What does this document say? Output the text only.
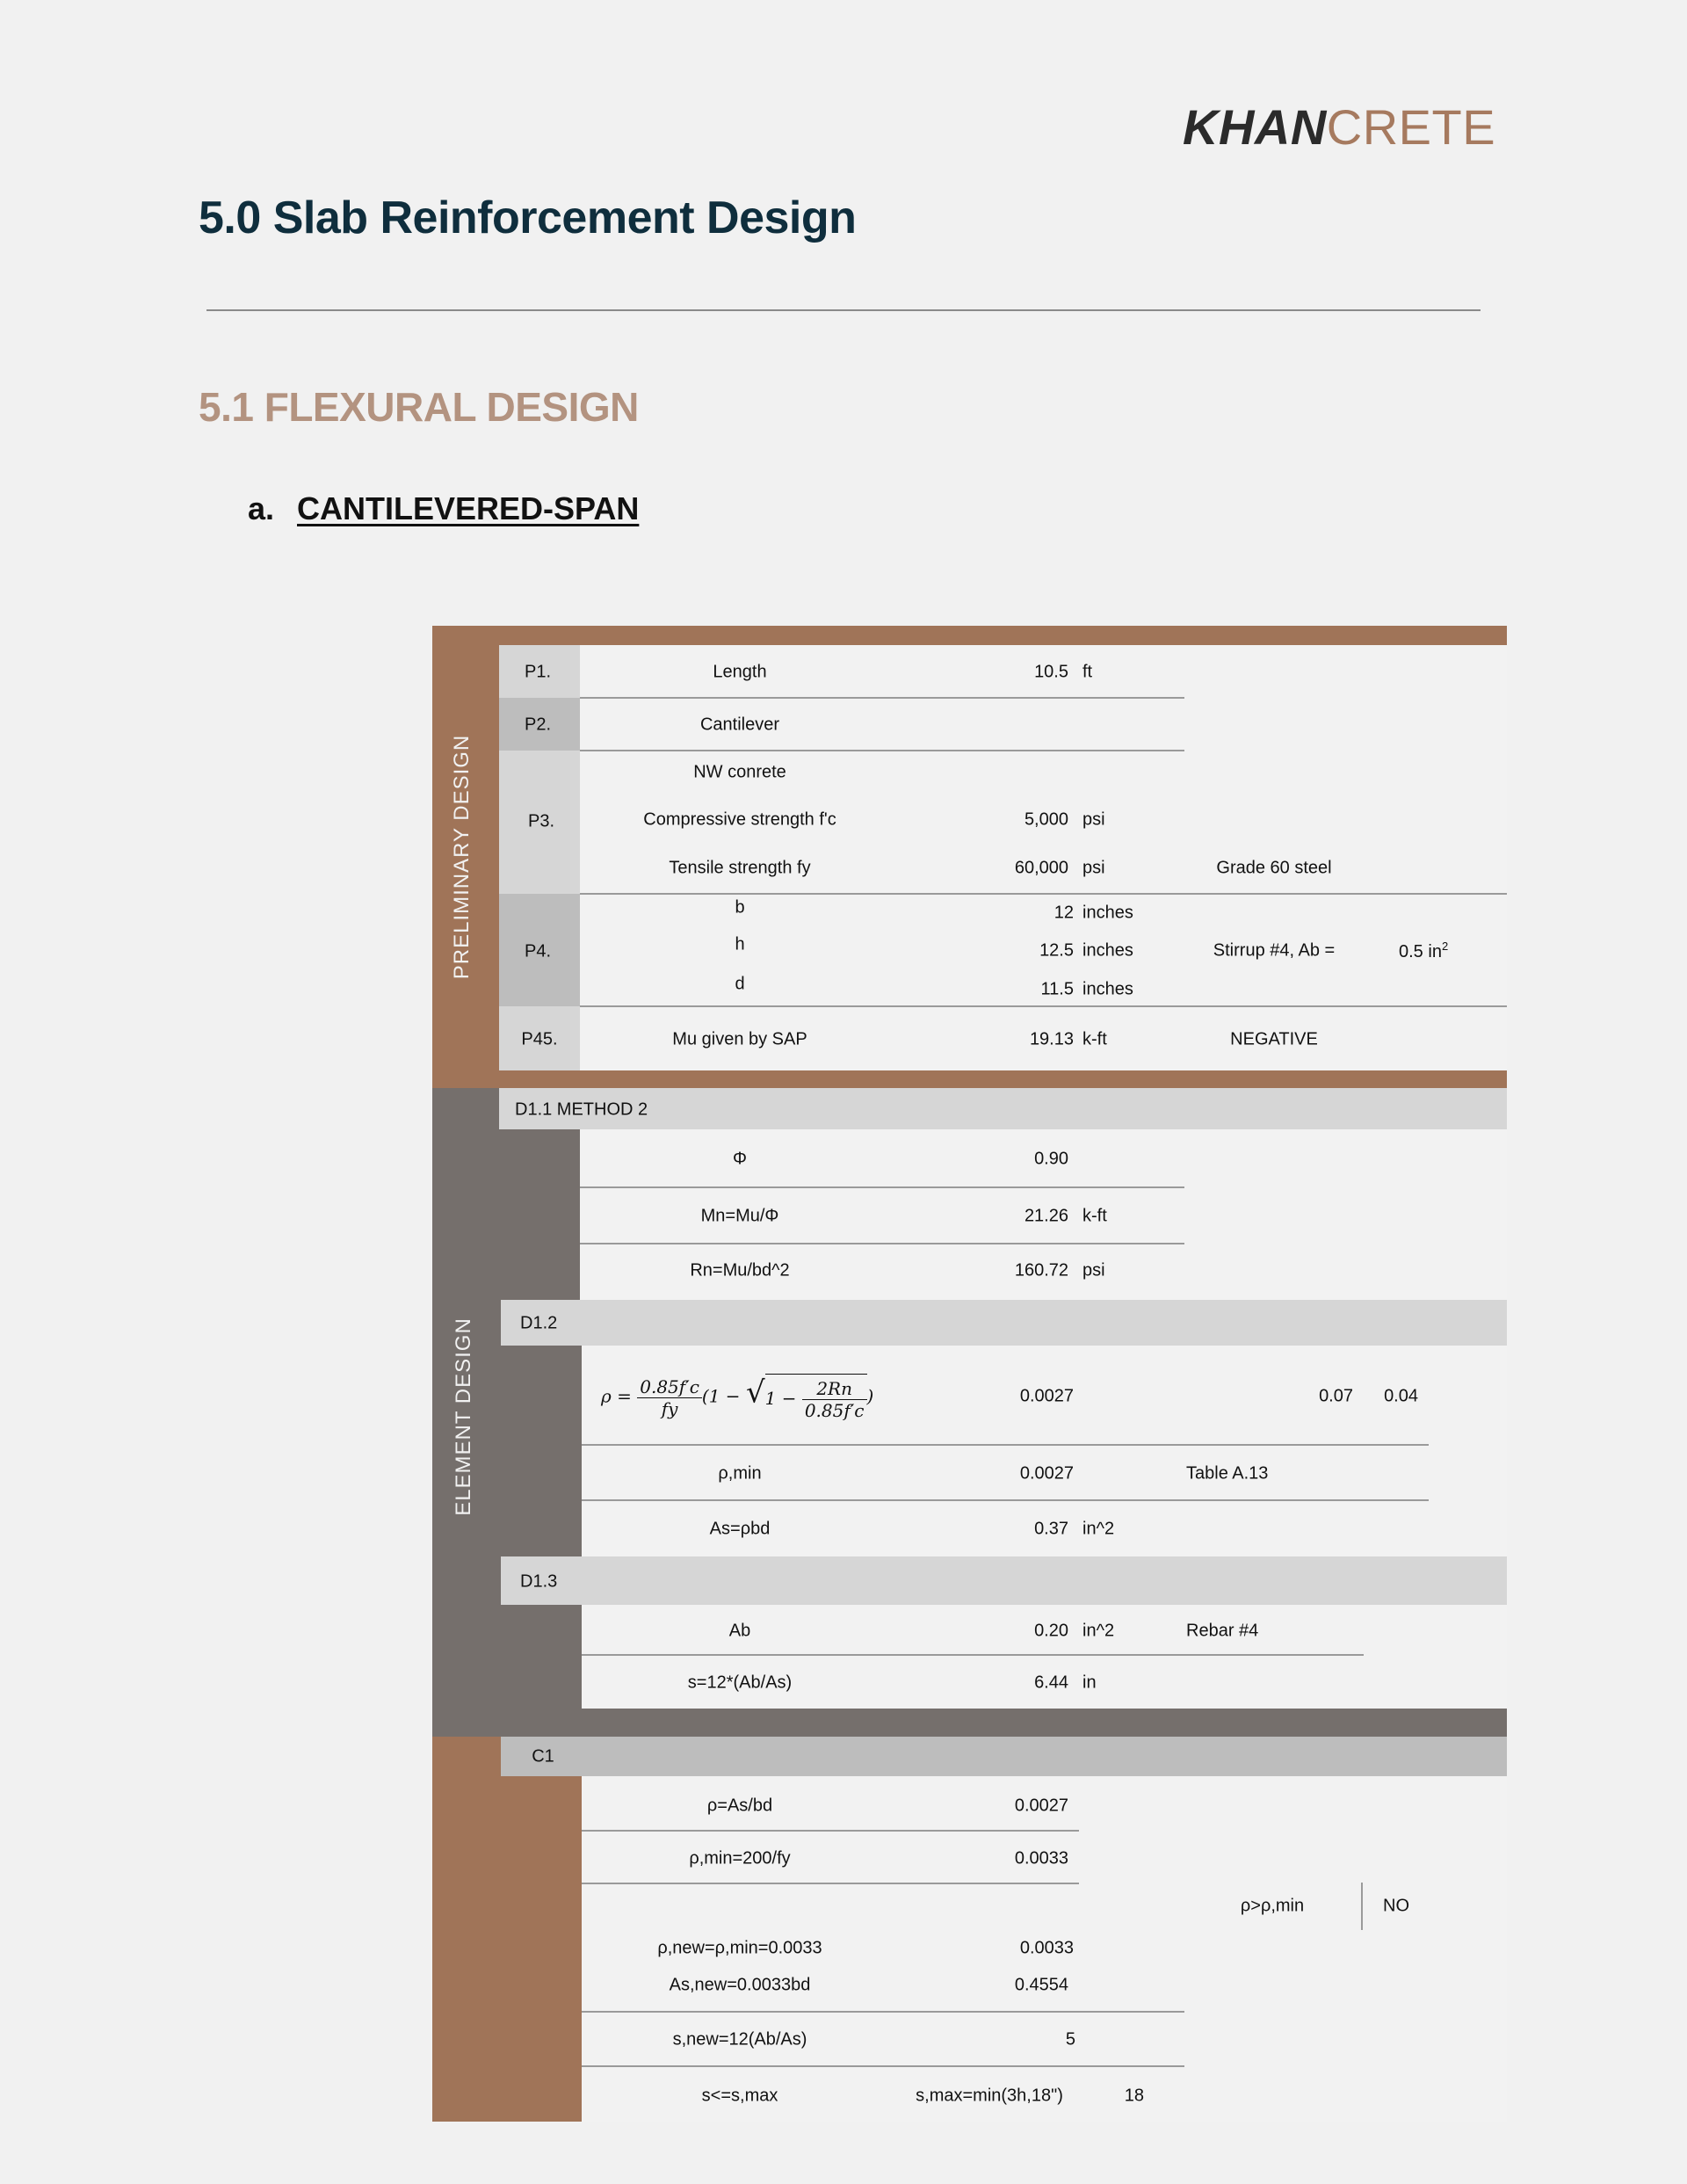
KHANCRETE
5.0 Slab Reinforcement Design
5.1 FLEXURAL DESIGN
a. CANTILEVERED-SPAN
PRELIMINARY DESIGN
ELEMENT DESIGN
P1.	Length	10.5 ft
P2.	Cantilever
P3.
NW conrete
Compressive strength f'c	5,000 psi
Tensile strength fy	60,000 psi	Grade 60 steel
P4.
b	12 inches
h	12.5 inches
d	11.5 inches
Stirrup #4, Ab =	0.5 $in^2$
P45.	Mu given by SAP	19.13 k-ft	NEGATIVE
D1.1 METHOD 2
Φ	0.90
Mn=Mu/Φ	21.26 k-ft
Rn=Mu/bd^2	160.72 psi
D1.2
$\rho = \frac{0.85f'c}{fy} (1 - √1 - \frac{2Rn}{0.85f'c}$ )	0.0027	0.07 0.04
ρ,min	0.0027	Table A.13
As=ρbd	0.37 in^2
D1.3
Ab	0.20 in^2	Rebar #4
s=12*(Ab/As)	6.44 in
C1
ρ=As/bd	0.0027
ρ,min=200/fy	0.0033
ρ>ρ,min	NO
ρ,new=ρ,min=0.0033	0.0033
As,new=0.0033bd	0.4554
s,new=12(Ab/As)	5
s<=s,max	s,max=min(3h,18")	18
